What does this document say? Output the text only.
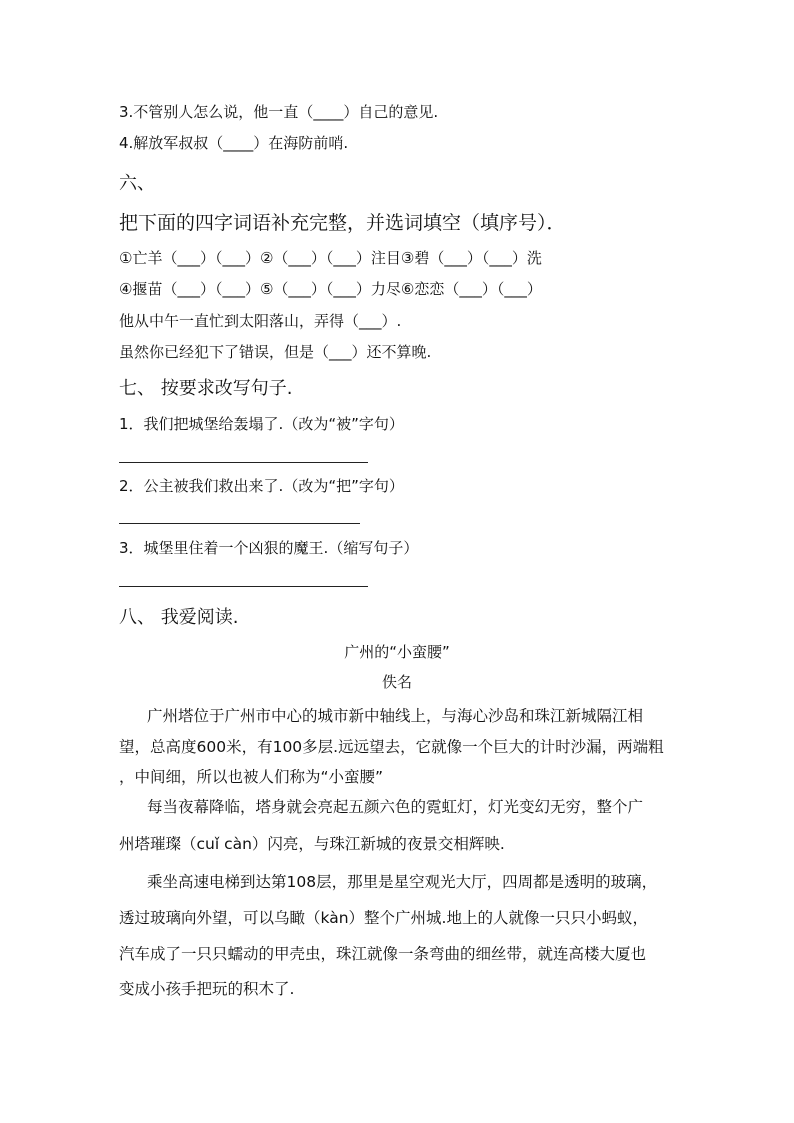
3.不管别人怎么说，他一直（____）自己的意见.
4.解放军叔叔（____）在海防前哨.
六、
把下面的四字词语补充完整，并选词填空（填序号）．
①亡羊（___）（___）②（___）（___）注目③碧（___）（___）洗
④揠苗（___）（___）⑤（___）（___）力尽⑥恋恋（___）（___）
他从中午一直忙到太阳落山，弄得（___）.
虽然你已经犯下了错误，但是（___）还不算晚.
七、 按要求改写句子.
1．我们把城堡给轰塌了.（改为“被”字句）
2．公主被我们救出来了.（改为“把”字句）
3．城堡里住着一个凶狠的魔王.（缩写句子）
八、 我爱阅读.
广州的“小蛮腰”
佚名
广州塔位于广州市中心的城市新中轴线上，与海心沙岛和珠江新城隔江相
望，总高度600米，有100多层.远远望去，它就像一个巨大的计时沙漏，两端粗
，中间细，所以也被人们称为“小蛮腰”
每当夜幕降临，塔身就会亮起五颜六色的霓虹灯，灯光变幻无穷，整个广
州塔璀璨（cuǐ càn）闪亮，与珠江新城的夜景交相辉映.
乘坐高速电梯到达第108层，那里是星空观光大厅，四周都是透明的玻璃，
透过玻璃向外望，可以乌瞰（kàn）整个广州城.地上的人就像一只只小蚂蚁，
汽车成了一只只蠕动的甲壳虫，珠江就像一条弯曲的细丝带，就连高楼大厦也
变成小孩手把玩的积木了.
